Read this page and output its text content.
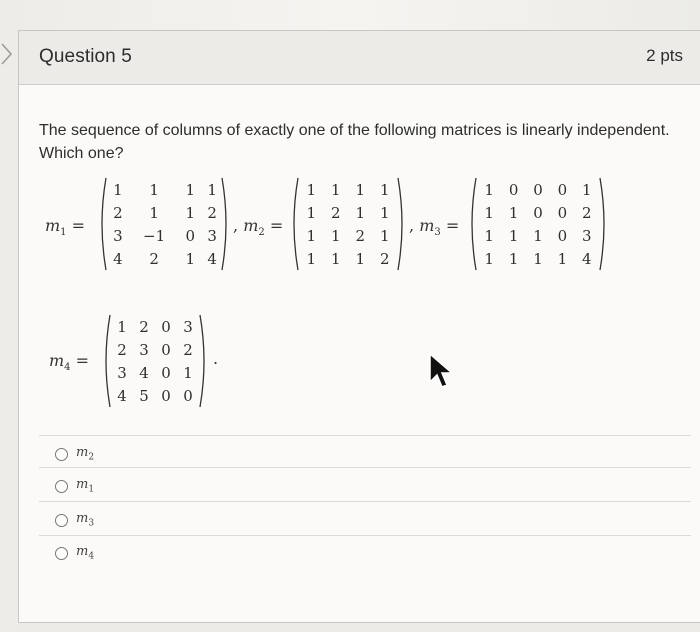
Question 5	2 pts
The sequence of columns of exactly one of the following matrices is linearly independent. Which one?
$m_1$ =
1	1	1	1
2	1	1	2
3	−1	0	3
4	2	1	4
, $m_2$ =
1	1	1	1
1	2	1	1
1	1	2	1
1	1	1	2
, $m_3$ =
1	0	0	0	1
1	1	0	0	2
1	1	1	0	3
1	1	1	1	4
$m_4$ =
1	2	0	3
2	3	0	2
3	4	0	1
4	5	0	0
.
$m_2$
$m_1$
$m_3$
$m_4$
